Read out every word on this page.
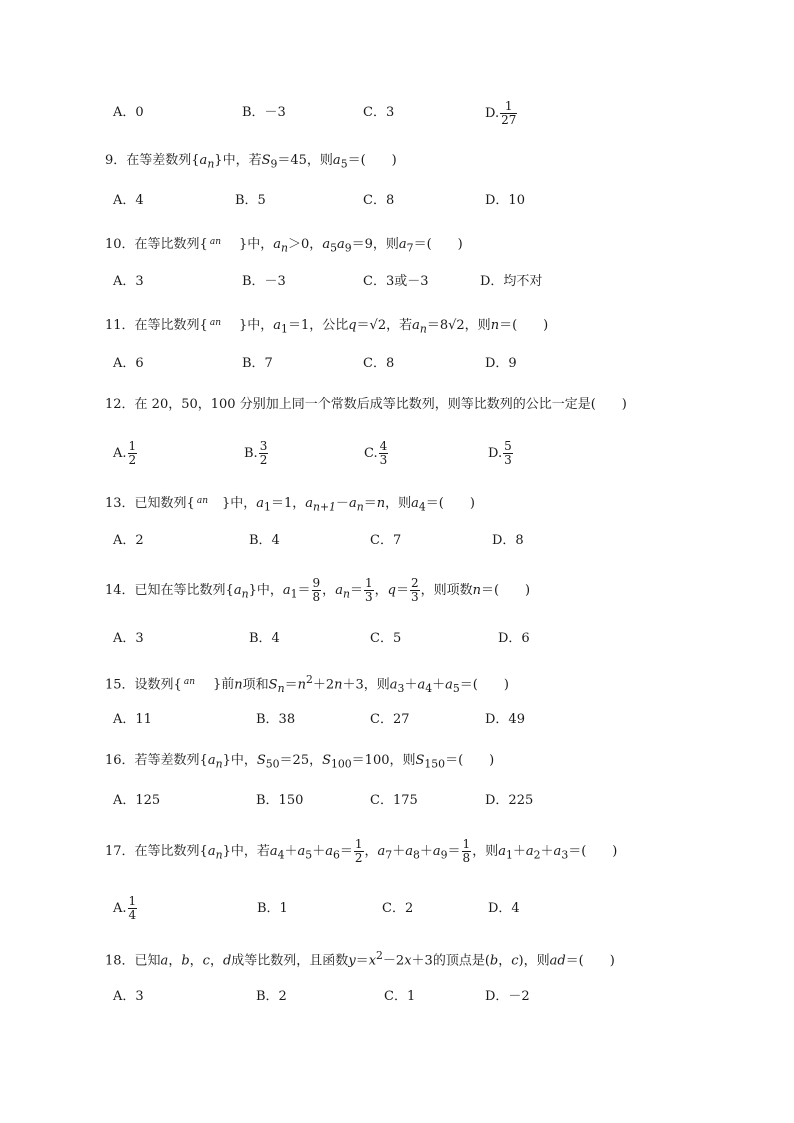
A．0	B．－3	C．3	D. $\frac{1}{27}$
9．在等差数列$\{a_n\}$中，若$S_9=45$，则$a_5=$(　　)
A．4	B．5	C．8	D．10
10．在等比数列{ $^{an}$ }中，$a_n>0$，$a_5a_9=9$，则$a_7=$(　　)
A．3	B．－3	C．3或－3	D．均不对
11．在等比数列{ $^{an}$ }中，$a_1=1$，公比q＝√2，若$a_n=8√2$，则n＝(　　)
A．6	B．7	C．8	D．9
12．在 20，50，100 分别加上同一个常数后成等比数列，则等比数列的公比一定是(　　)
A. $\frac{1}{2}$	B. $\frac{3}{2}$	C. $\frac{4}{3}$	D. $\frac{5}{3}$
13．已知数列{ $^{an}$ }中，$a_1=1$，$a_{n+1}-a_n=n$，则$a_4=$(　　)
A．2	B．4	C．7	D．8
14．已知在等比数列$\{a_n\}$中，$a_1= \frac{9}{8}$ ，$a_n= \frac{1}{3}$ ，$q= \frac{2}{3}$ ，则项数n＝(　　)
A．3	B．4	C．5	D．6
15．设数列{ $^{an}$ }前n项和$S_n=n^2+2n+3$，则$a_3+a_4+a_5=$(　　)
A．11	B．38	C．27	D．49
16．若等差数列$\{a_n\}$中，$S_{50}=25$，$S_{100}=100$，则$S_{150}=$(　　)
A．125	B．150	C．175	D．225
17．在等比数列$\{a_n\}$中，若$a_4+a_5+a_6= \frac{1}{2}$ ，$a_7+a_8+a_9= \frac{1}{8}$ ，则$a_1+a_2+a_3=$(　　)
A. $\frac{1}{4}$	B．1	C．2	D．4
18．已知a，b，c，d成等比数列，且函数$y=x^2-2x+3$的顶点是(b，c)，则ad＝(　　)
A．3	B．2	C．1	D．－2
